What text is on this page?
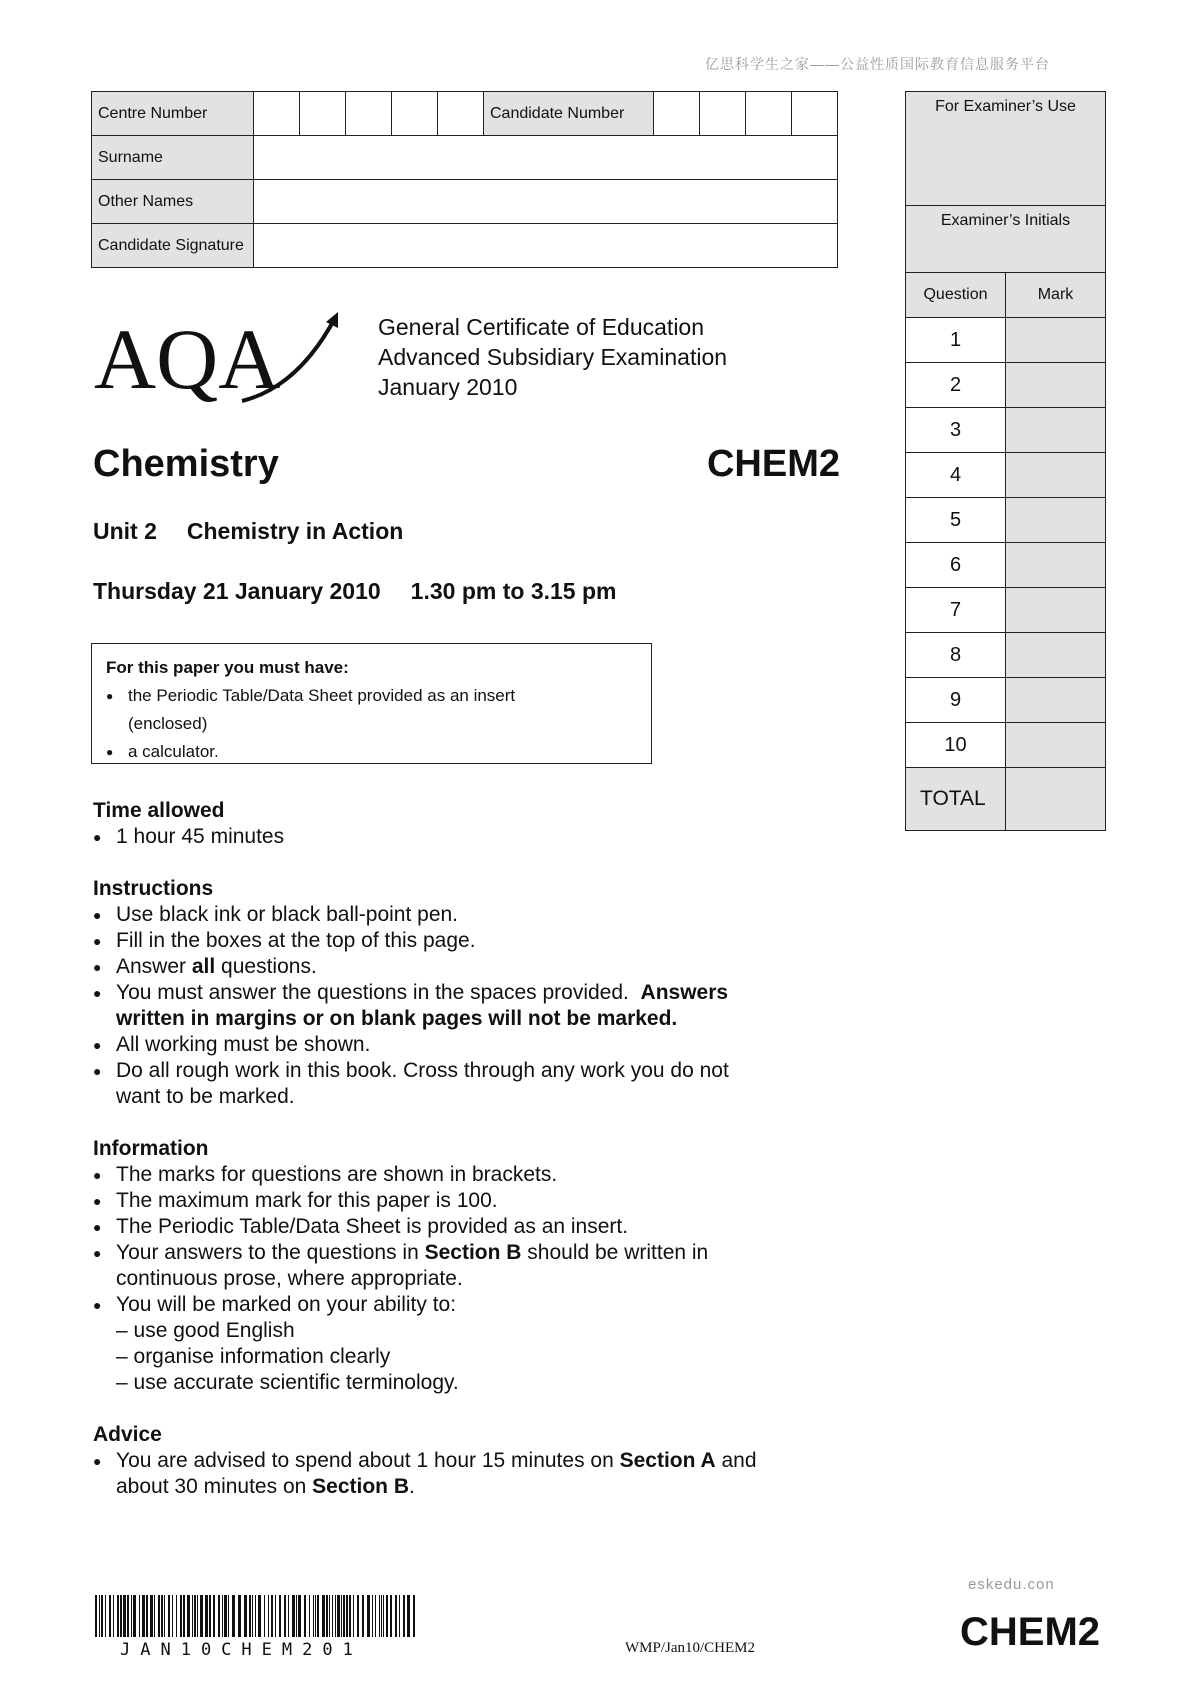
亿思科学生之家——公益性质国际教育信息服务平台
Centre Number						Candidate Number				
Surname										
Other Names										
Candidate Signature										
For Examiner’s Use	
Examiner’s Initials	
Question	Mark
1	
2	
3	
4	
5	
6	
7	
8	
9	
10	
TOTAL	
AQA	General Certificate of Education
Advanced Subsidiary Examination
January 2010
Chemistry	CHEM2
Unit 2 Chemistry in Action
Thursday 21 January 2010 1.30 pm to 3.15 pm
For this paper you must have:
● the Periodic Table/Data Sheet provided as an insert
(enclosed)
● a calculator.
Time allowed
● 1 hour 45 minutes
Instructions
● Use black ink or black ball-point pen.
● Fill in the boxes at the top of this page.
● Answer all questions.
● You must answer the questions in the spaces provided. Answers
written in margins or on blank pages will not be marked.
● All working must be shown.
● Do all rough work in this book. Cross through any work you do not
want to be marked.
Information
● The marks for questions are shown in brackets.
● The maximum mark for this paper is 100.
● The Periodic Table/Data Sheet is provided as an insert.
● Your answers to the questions in Section B should be written in
continuous prose, where appropriate.
● You will be marked on your ability to:
– use good English
– organise information clearly
– use accurate scientific terminology.
Advice
● You are advised to spend about 1 hour 15 minutes on Section A and
about 30 minutes on Section B.
JAN10CHEM201	WMP/Jan10/CHEM2
eskedu.con
CHEM2
